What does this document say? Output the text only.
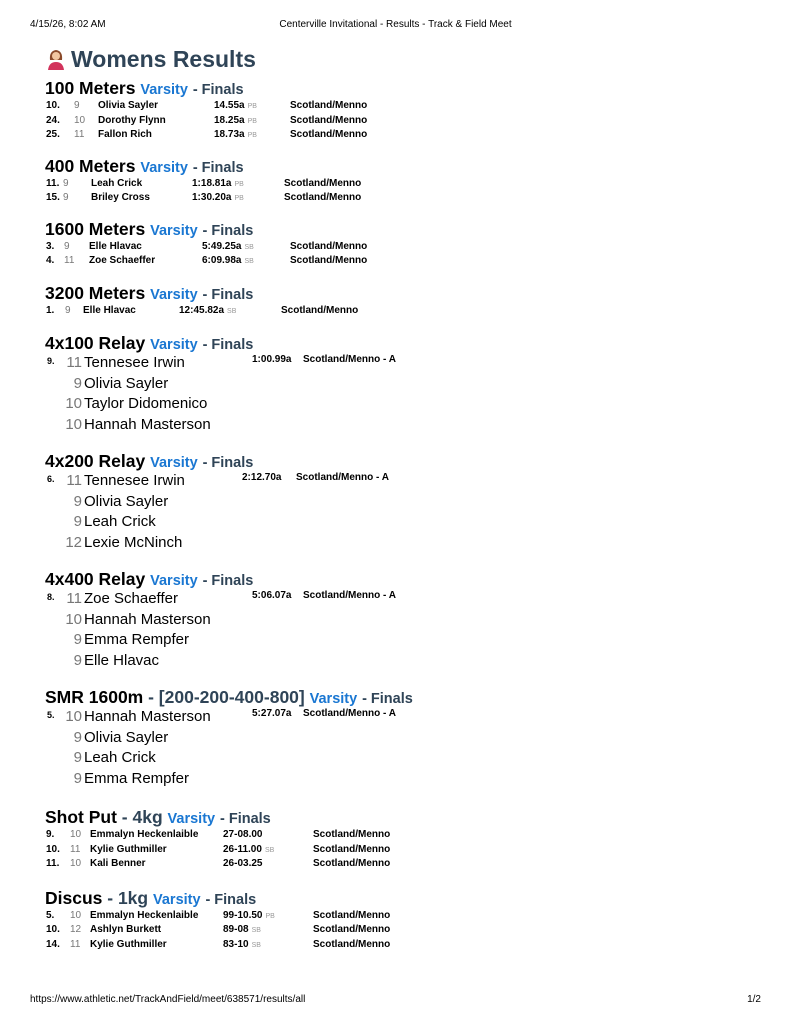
4/15/26, 8:02 AM	Centerville Invitational - Results - Track & Field Meet
Womens Results
100 Meters Varsity - Finals
10. 9 Olivia Sayler	14.55a PB	Scotland/Menno
24. 10 Dorothy Flynn	18.25a PB	Scotland/Menno
25. 11 Fallon Rich	18.73a PB	Scotland/Menno
400 Meters Varsity - Finals
11. 9 Leah Crick	1:18.81a PB	Scotland/Menno
15. 9 Briley Cross	1:30.20a PB	Scotland/Menno
1600 Meters Varsity - Finals
3. 9 Elle Hlavac	5:49.25a SB	Scotland/Menno
4. 11 Zoe Schaeffer	6:09.98a SB	Scotland/Menno
3200 Meters Varsity - Finals
1. 9 Elle Hlavac	12:45.82a SB	Scotland/Menno
4x100 Relay Varsity - Finals
9.	1:00.99a Scotland/Menno - A
11 Tennesee Irwin
9 Olivia Sayler
10 Taylor Didomenico
10 Hannah Masterson
4x200 Relay Varsity - Finals
6.	2:12.70a Scotland/Menno - A
11 Tennesee Irwin
9 Olivia Sayler
9 Leah Crick
12 Lexie McNinch
4x400 Relay Varsity - Finals
8.	5:06.07a Scotland/Menno - A
11 Zoe Schaeffer
10 Hannah Masterson
9 Emma Rempfer
9 Elle Hlavac
SMR 1600m - [200-200-400-800] Varsity - Finals
5.	5:27.07a Scotland/Menno - A
10 Hannah Masterson
9 Olivia Sayler
9 Leah Crick
9 Emma Rempfer
Shot Put - 4kg Varsity - Finals
9. 10 Emmalyn Heckenlaible 27-08.00	Scotland/Menno
10. 11 Kylie Guthmiller	26-11.00 SB	Scotland/Menno
11. 10 Kali Benner	26-03.25	Scotland/Menno
Discus - 1kg Varsity - Finals
5. 10 Emmalyn Heckenlaible 99-10.50 PB	Scotland/Menno
10. 12 Ashlyn Burkett	89-08 SB	Scotland/Menno
14. 11 Kylie Guthmiller	83-10 SB	Scotland/Menno
https://www.athletic.net/TrackAndField/meet/638571/results/all	1/2
